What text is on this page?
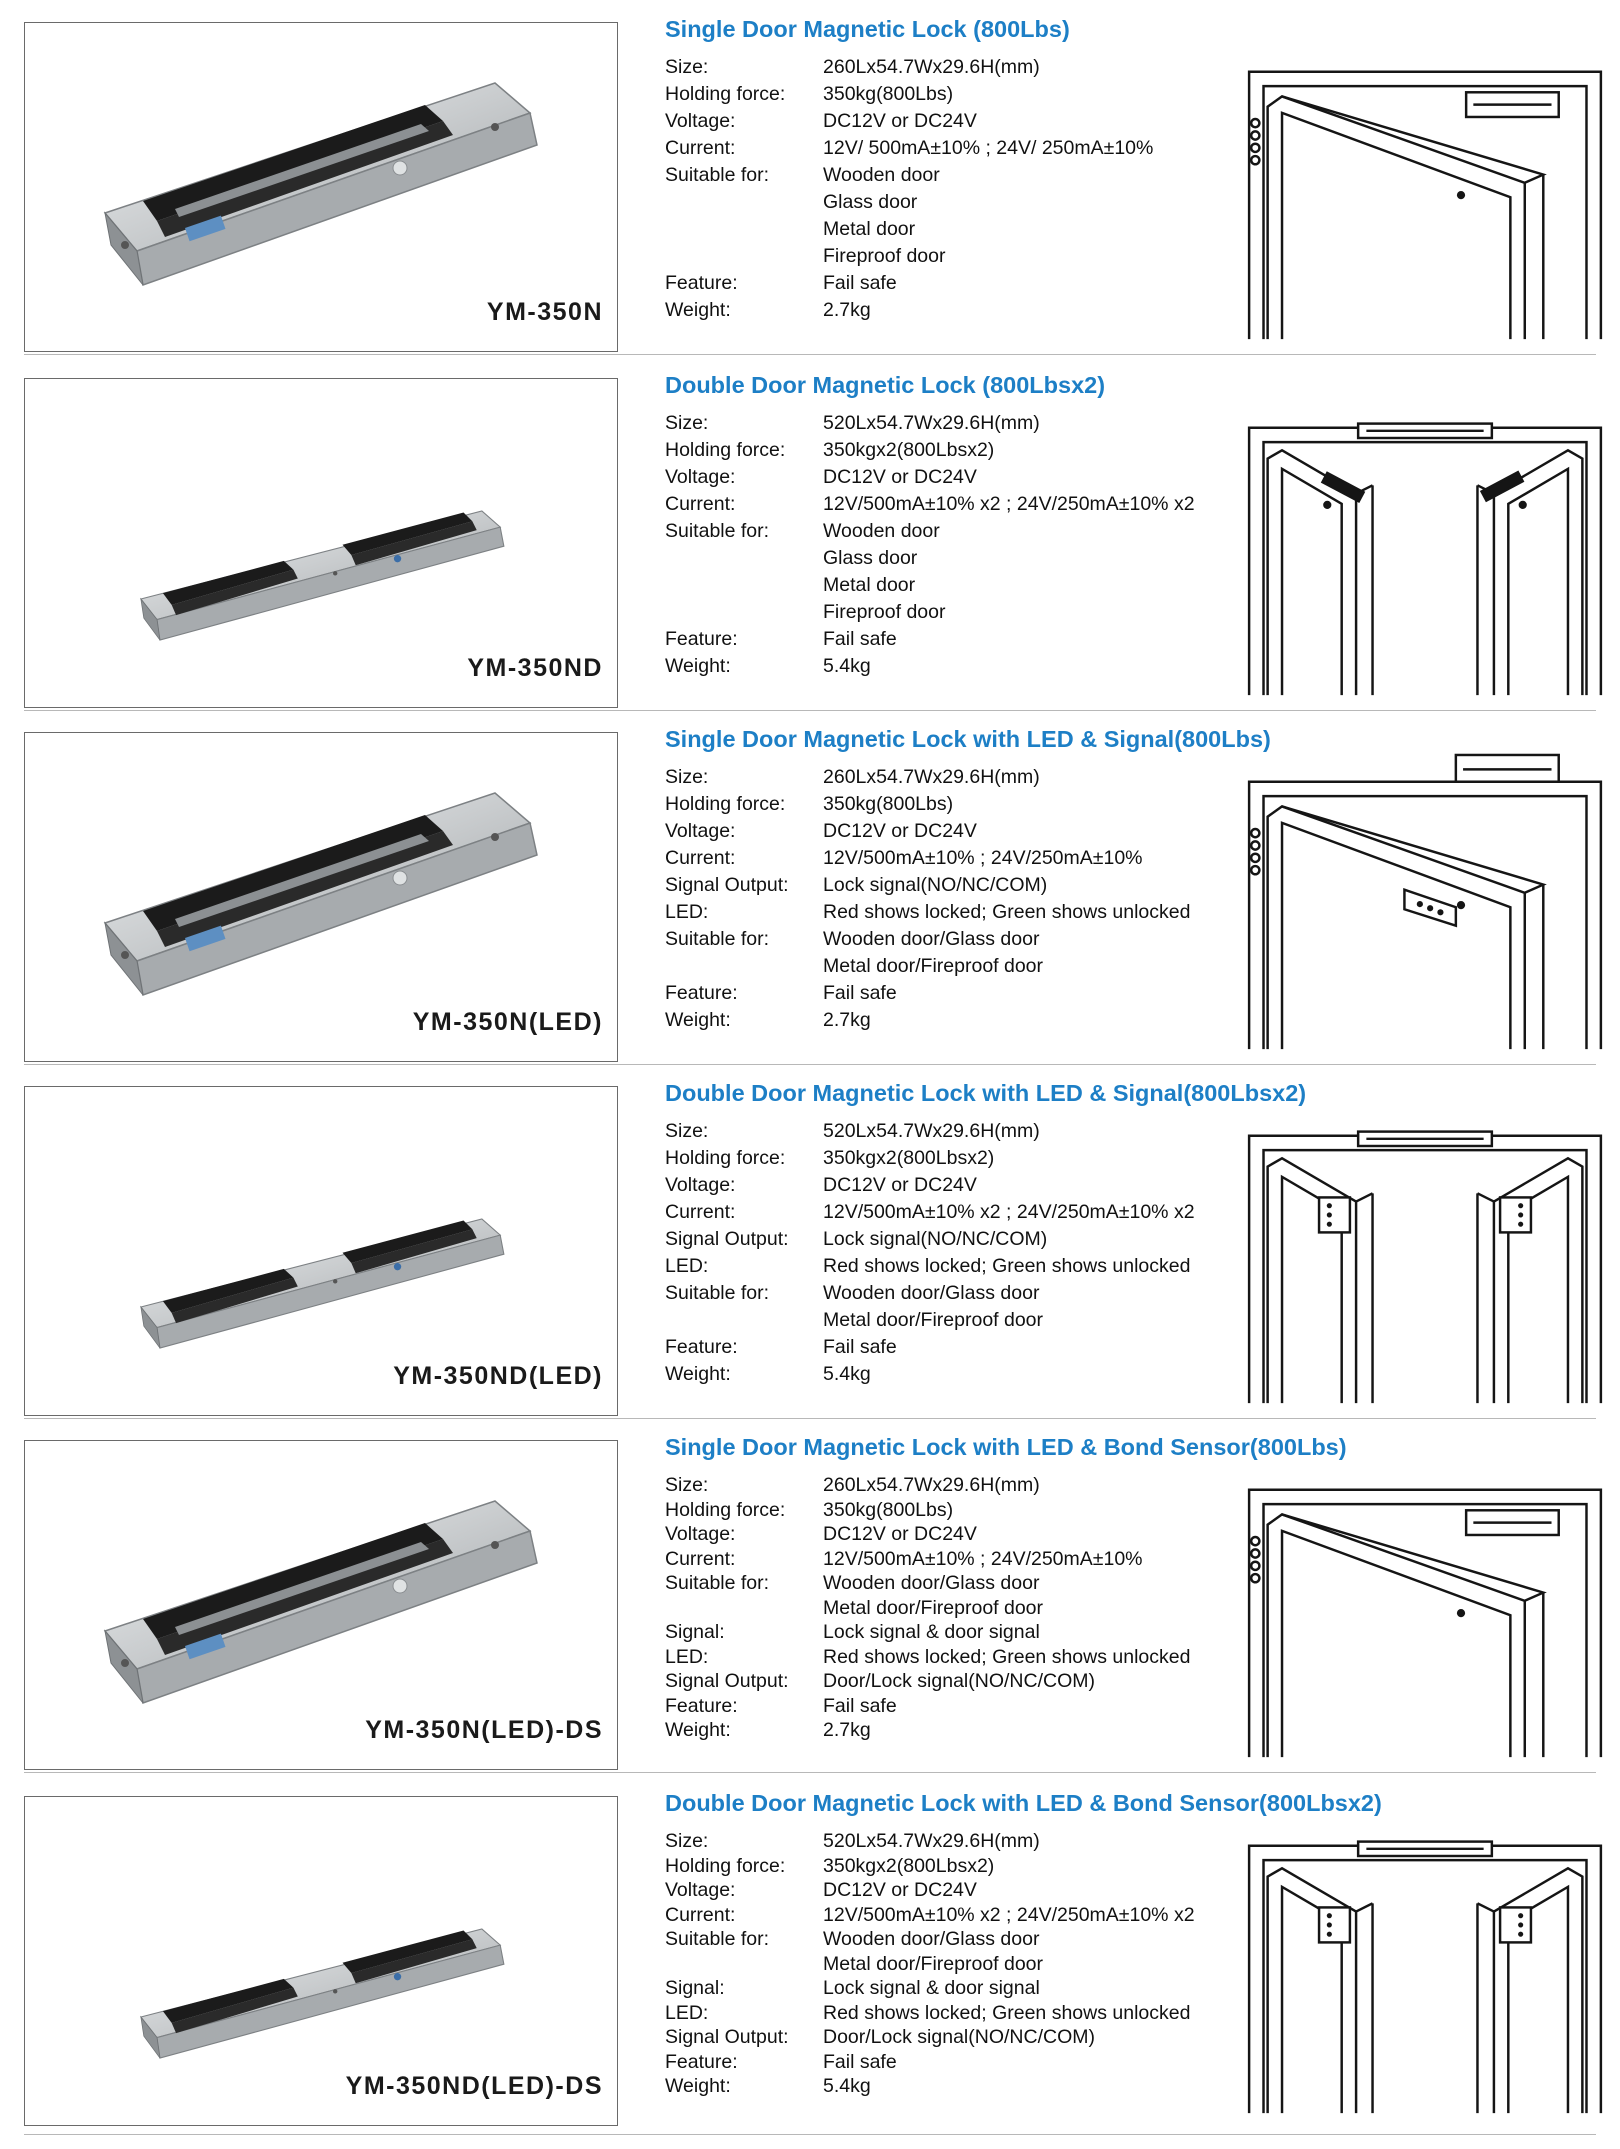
YM-350N
Single Door Magnetic Lock (800Lbs)
Size:	260Lx54.7Wx29.6H(mm)
Holding force: 350kg(800Lbs)
Voltage:	DC12V or DC24V
Current:	12V/ 500mA±10% ; 24V/ 250mA±10%
Suitable for:	Wooden door
Glass door
Metal door
Fireproof door
Feature:	Fail safe
Weight:	2.7kg
YM-350ND
Double Door Magnetic Lock (800Lbsx2)
Size:	520Lx54.7Wx29.6H(mm)
Holding force: 350kgx2(800Lbsx2)
Voltage:	DC12V or DC24V
Current:	12V/500mA±10% x2 ; 24V/250mA±10% x2
Suitable for:	Wooden door
Glass door
Metal door
Fireproof door
Feature:	Fail safe
Weight:	5.4kg
YM-350N(LED)
Single Door Magnetic Lock with LED & Signal(800Lbs)
Size:	260Lx54.7Wx29.6H(mm)
Holding force: 350kg(800Lbs)
Voltage:	DC12V or DC24V
Current:	12V/500mA±10% ; 24V/250mA±10%
Signal Output: Lock signal(NO/NC/COM)
LED:	Red shows locked; Green shows unlocked
Suitable for:	Wooden door/Glass door
Metal door/Fireproof door
Feature:	Fail safe
Weight:	2.7kg
YM-350ND(LED)
Double Door Magnetic Lock with LED & Signal(800Lbsx2)
Size:	520Lx54.7Wx29.6H(mm)
Holding force: 350kgx2(800Lbsx2)
Voltage:	DC12V or DC24V
Current:	12V/500mA±10% x2 ; 24V/250mA±10% x2
Signal Output: Lock signal(NO/NC/COM)
LED:	Red shows locked; Green shows unlocked
Suitable for:	Wooden door/Glass door
Metal door/Fireproof door
Feature:	Fail safe
Weight:	5.4kg
YM-350N(LED)-DS
Single Door Magnetic Lock with LED & Bond Sensor(800Lbs)
Size:	260Lx54.7Wx29.6H(mm)
Holding force: 350kg(800Lbs)
Voltage:	DC12V or DC24V
Current:	12V/500mA±10% ; 24V/250mA±10%
Suitable for:	Wooden door/Glass door
Metal door/Fireproof door
Signal:	Lock signal & door signal
LED:	Red shows locked; Green shows unlocked
Signal Output: Door/Lock signal(NO/NC/COM)
Feature:	Fail safe
Weight:	2.7kg
YM-350ND(LED)-DS
Double Door Magnetic Lock with LED & Bond Sensor(800Lbsx2)
Size:	520Lx54.7Wx29.6H(mm)
Holding force: 350kgx2(800Lbsx2)
Voltage:	DC12V or DC24V
Current:	12V/500mA±10% x2 ; 24V/250mA±10% x2
Suitable for:	Wooden door/Glass door
Metal door/Fireproof door
Signal:	Lock signal & door signal
LED:	Red shows locked; Green shows unlocked
Signal Output: Door/Lock signal(NO/NC/COM)
Feature:	Fail safe
Weight:	5.4kg
